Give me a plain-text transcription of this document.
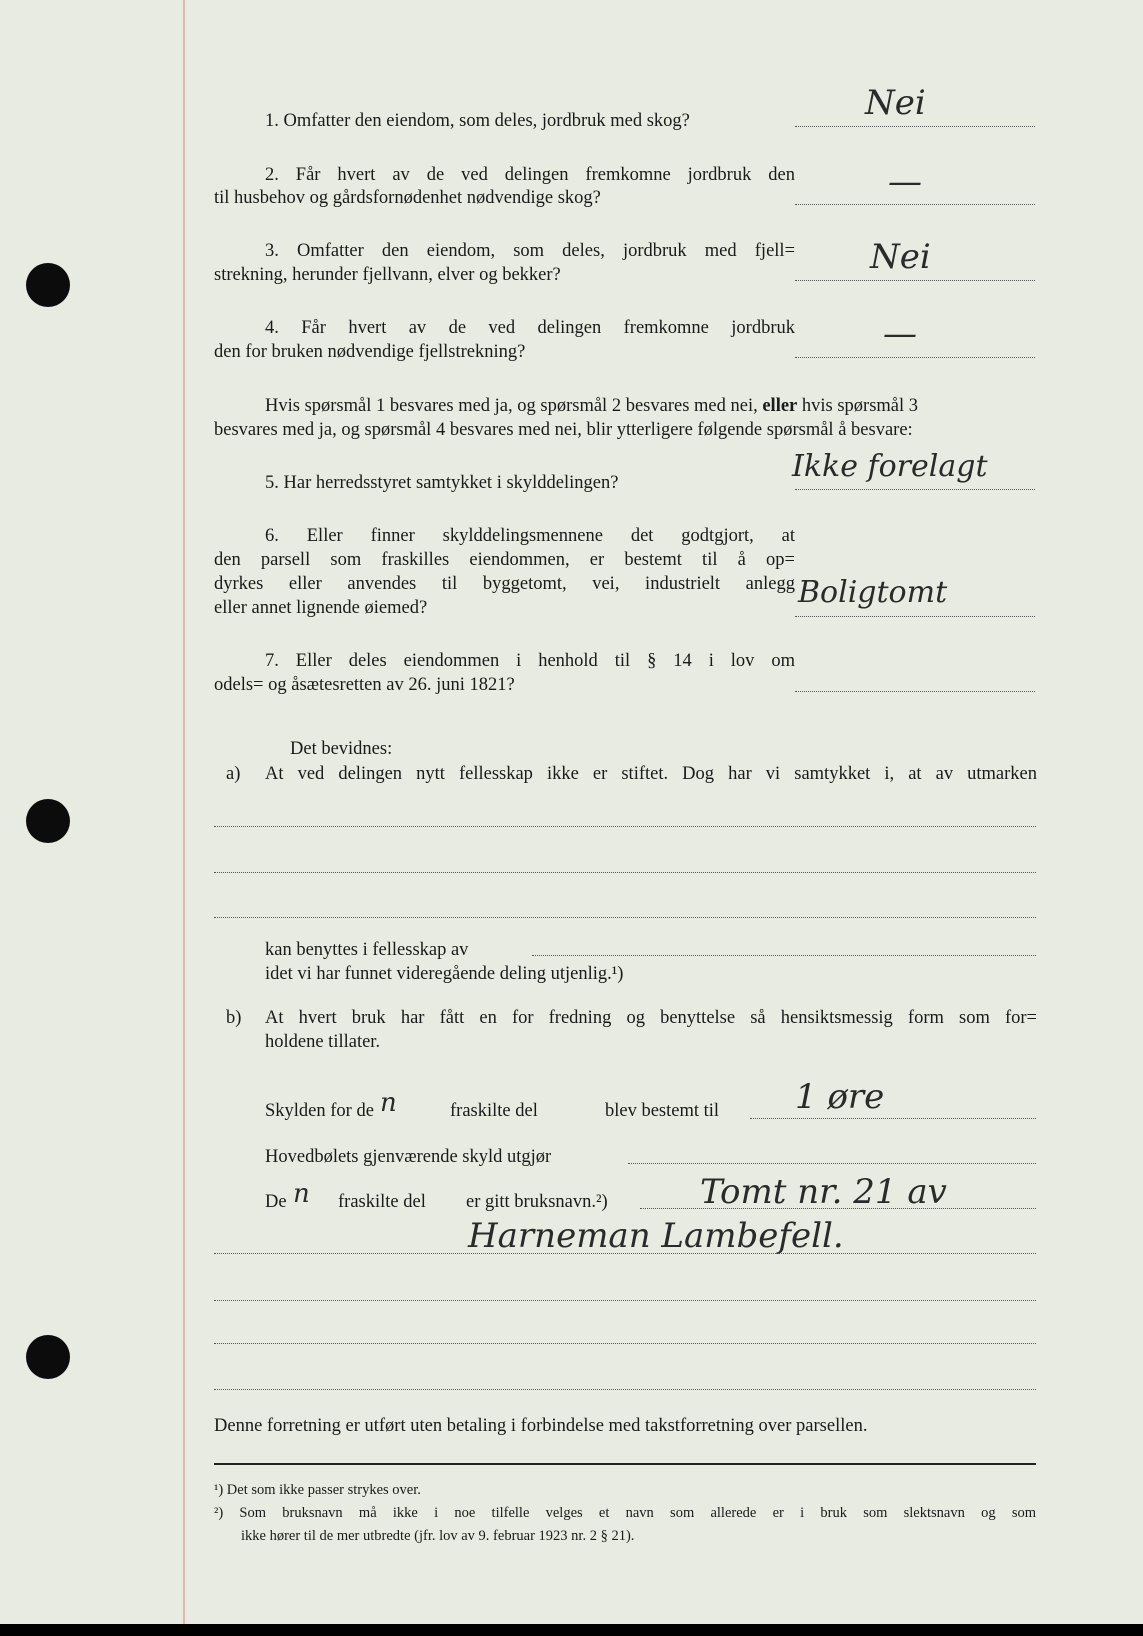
1. Omfatter den eiendom, som deles, jordbruk med skog?	Nei
2. Får hvert av de ved delingen fremkomne jordbruk den
til husbehov og gårdsfornødenhet nødvendige skog?	—
3. Omfatter den eiendom, som deles, jordbruk med fjell=
strekning, herunder fjellvann, elver og bekker?	Nei
4. Får hvert av de ved delingen fremkomne jordbruk
den for bruken nødvendige fjellstrekning?	—
Hvis spørsmål 1 besvares med ja, og spørsmål 2 besvares med nei, eller hvis spørsmål 3
besvares med ja, og spørsmål 4 besvares med nei, blir ytterligere følgende spørsmål å besvare:
5. Har herredsstyret samtykket i skylddelingen?	Ikke forelagt
6. Eller finner skylddelingsmennene det godtgjort, at
den parsell som fraskilles eiendommen, er bestemt til å op=
dyrkes eller anvendes til byggetomt, vei, industrielt anlegg
eller annet lignende øiemed?	Boligtomt
7. Eller deles eiendommen i henhold til § 14 i lov om
odels= og åsætesretten av 26. juni 1821?
Det bevidnes:
a) At ved delingen nytt fellesskap ikke er stiftet. Dog har vi samtykket i, at av utmarken
kan benyttes i fellesskap av
idet vi har funnet videregående deling utjenlig.¹)
b) At hvert bruk har fått en for fredning og benyttelse så hensiktsmessig form som for=
holdene tillater.
Skylden for de n	fraskilte del	blev bestemt til 1 øre
Hovedbølets gjenværende skyld utgjør
De n fraskilte del er gitt bruksnavn.²)	Tomt nr. 21 av
Harneman Lambefell.
Denne forretning er utført uten betaling i forbindelse med takstforretning over parsellen.
¹) Det som ikke passer strykes over.
²) Som bruksnavn må ikke i noe tilfelle velges et navn som allerede er i bruk som slektsnavn og som
ikke hører til de mer utbredte (jfr. lov av 9. februar 1923 nr. 2 § 21).
